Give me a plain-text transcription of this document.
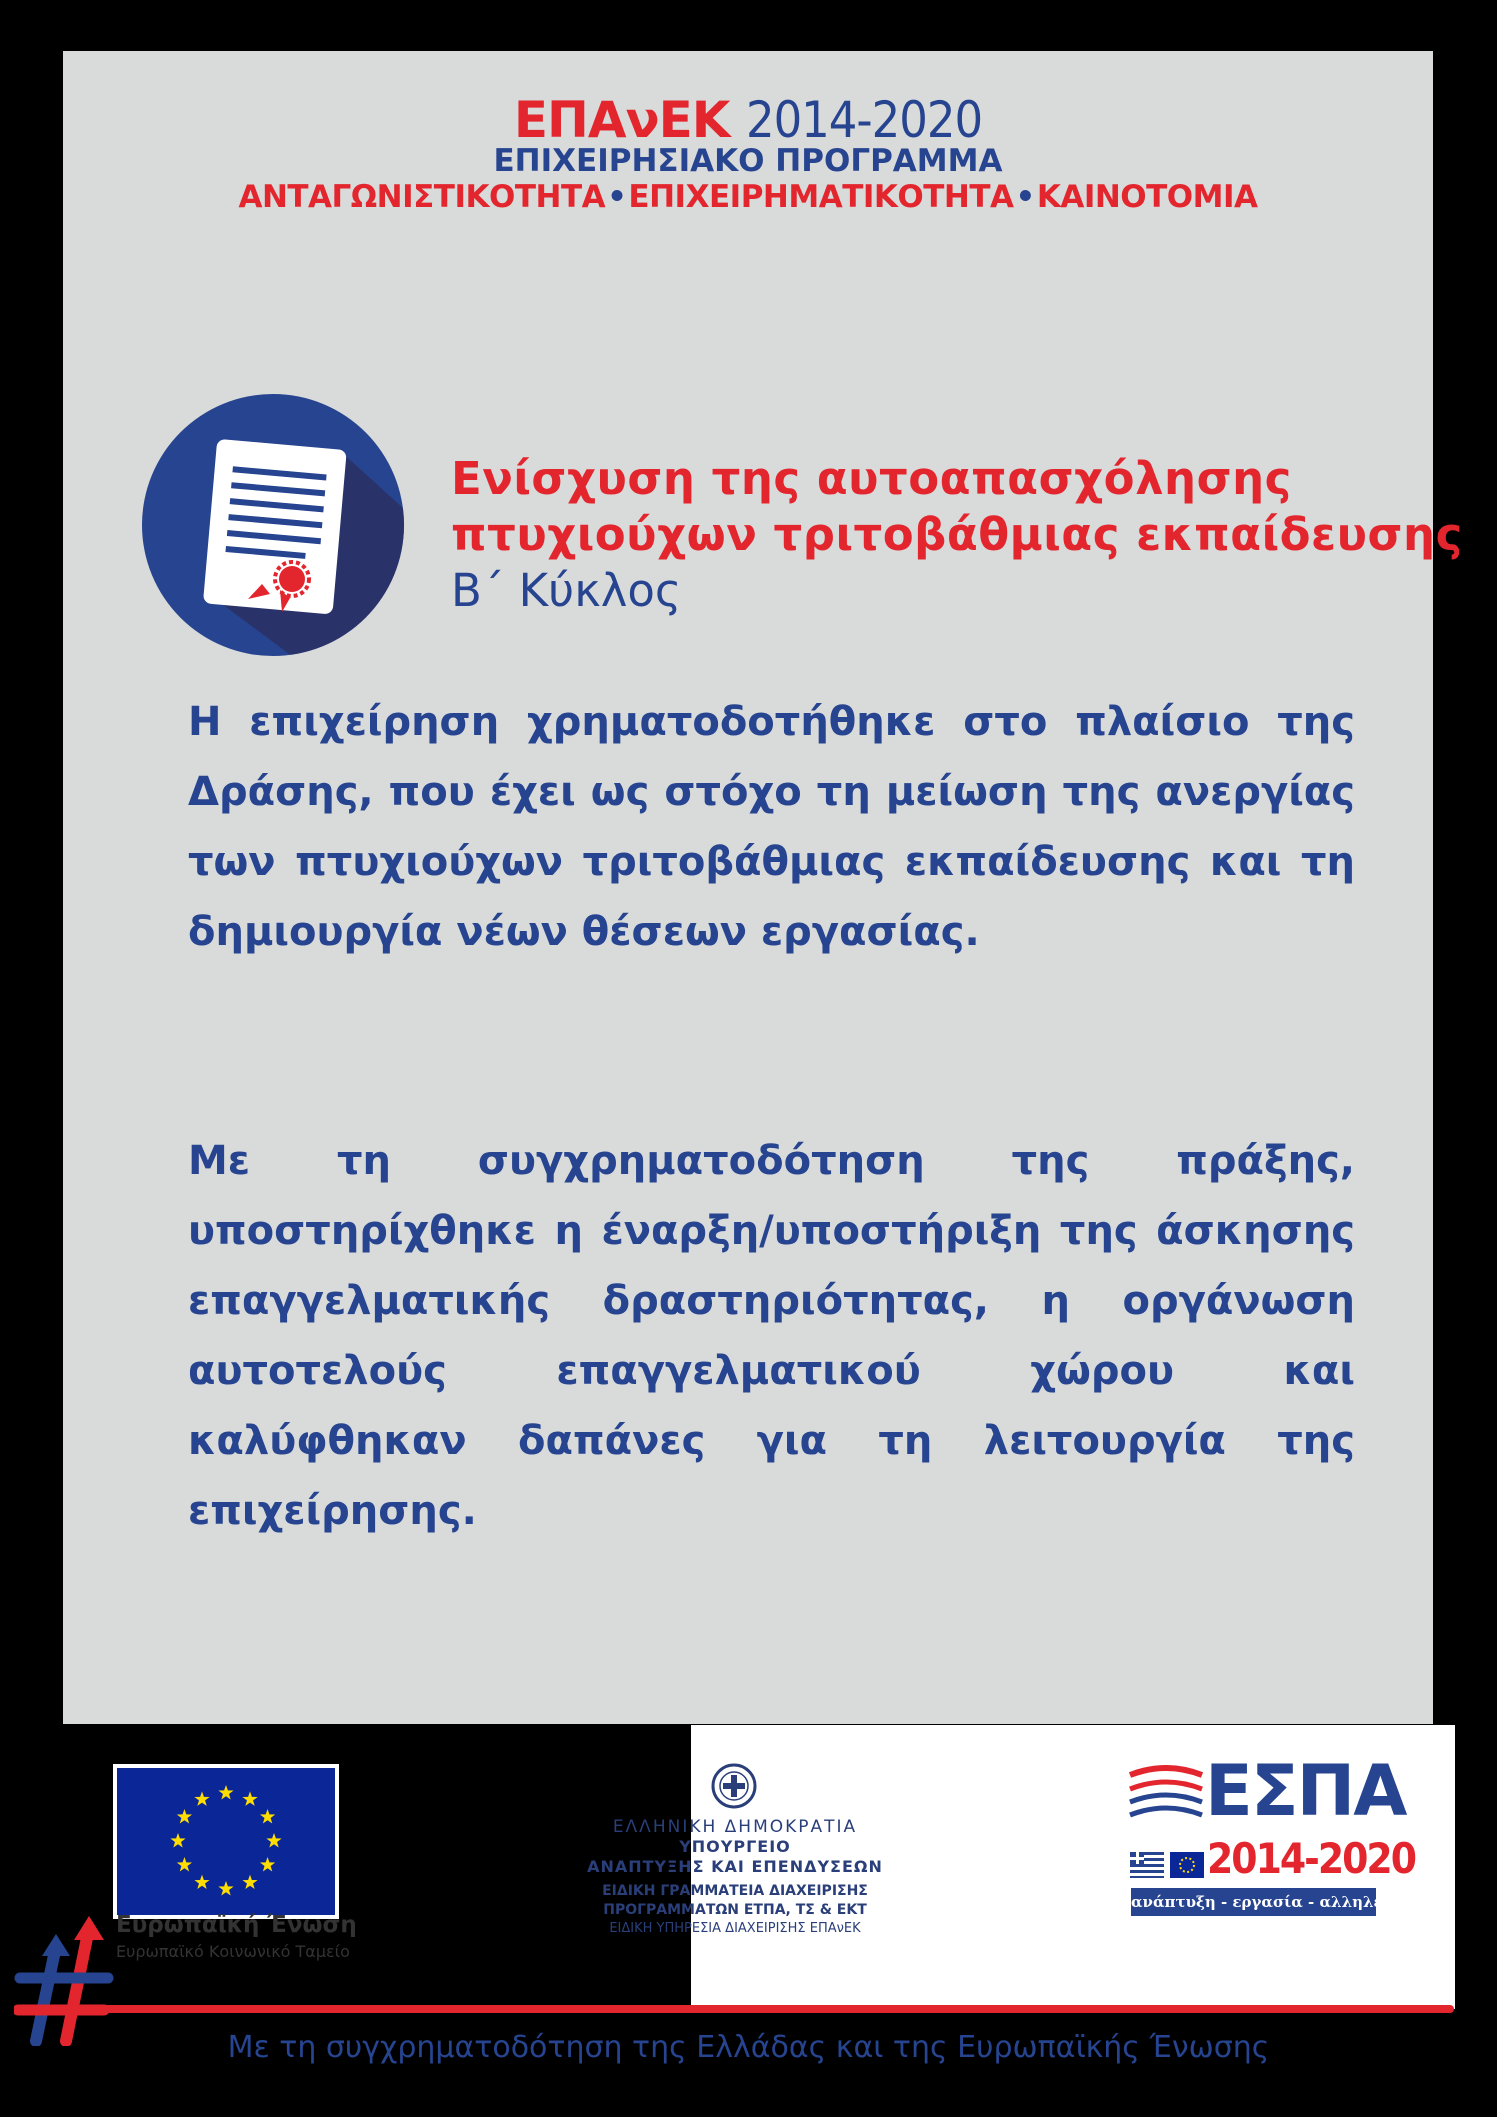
ΕΠΑνΕΚ 2014-2020
ΕΠΙΧΕΙΡΗΣΙΑΚΟ ΠΡΟΓΡΑΜΜΑ
ΑΝΤΑΓΩΝΙΣΤΙΚΟΤΗΤΑ•ΕΠΙΧΕΙΡΗΜΑΤΙΚΟΤΗΤΑ•ΚΑΙΝΟΤΟΜΙΑ
Ενίσχυση της αυτοαπασχόλησης
πτυχιούχων τριτοβάθμιας εκπαίδευσης
Β΄ Κύκλος

Η επιχείρηση χρηματοδοτήθηκε στο πλαίσιο της Δράσης, που έχει ως στόχο τη μείωση της ανεργίας των πτυχιούχων τριτοβάθμιας εκπαίδευσης και τη δημιουργία νέων θέσεων εργασίας.

Με τη συγχρηματοδότηση της πράξης, υποστηρίχθηκε η έναρξη/υποστήριξη της άσκησης επαγγελματικής δραστηριότητας, η οργάνωση αυτοτελούς επαγγελματικού χώρου και καλύφθηκαν δαπάνες για τη λειτουργία της επιχείρησης.

Ευρωπαϊκή Ένωση
Ευρωπαϊκό Κοινωνικό Ταμείο
ΕΛΛΗΝΙΚΗ ΔΗΜΟΚΡΑΤΙΑ
ΥΠΟΥΡΓΕΙΟ
ΑΝΑΠΤΥΞΗΣ ΚΑΙ ΕΠΕΝΔΥΣΕΩΝ
ΕΙΔΙΚΗ ΓΡΑΜΜΑΤΕΙΑ ΔΙΑΧΕΙΡΙΣΗΣ
ΠΡΟΓΡΑΜΜΑΤΩΝ ΕΤΠΑ, ΤΣ & ΕΚΤ
ΕΙΔΙΚΗ ΥΠΗΡΕΣΙΑ ΔΙΑΧΕΙΡΙΣΗΣ ΕΠΑνΕΚ
ΕΣΠΑ
2014-2020
ανάπτυξη - εργασία - αλληλεγγύη
Με τη συγχρηματοδότηση της Ελλάδας και της Ευρωπαϊκής Ένωσης
